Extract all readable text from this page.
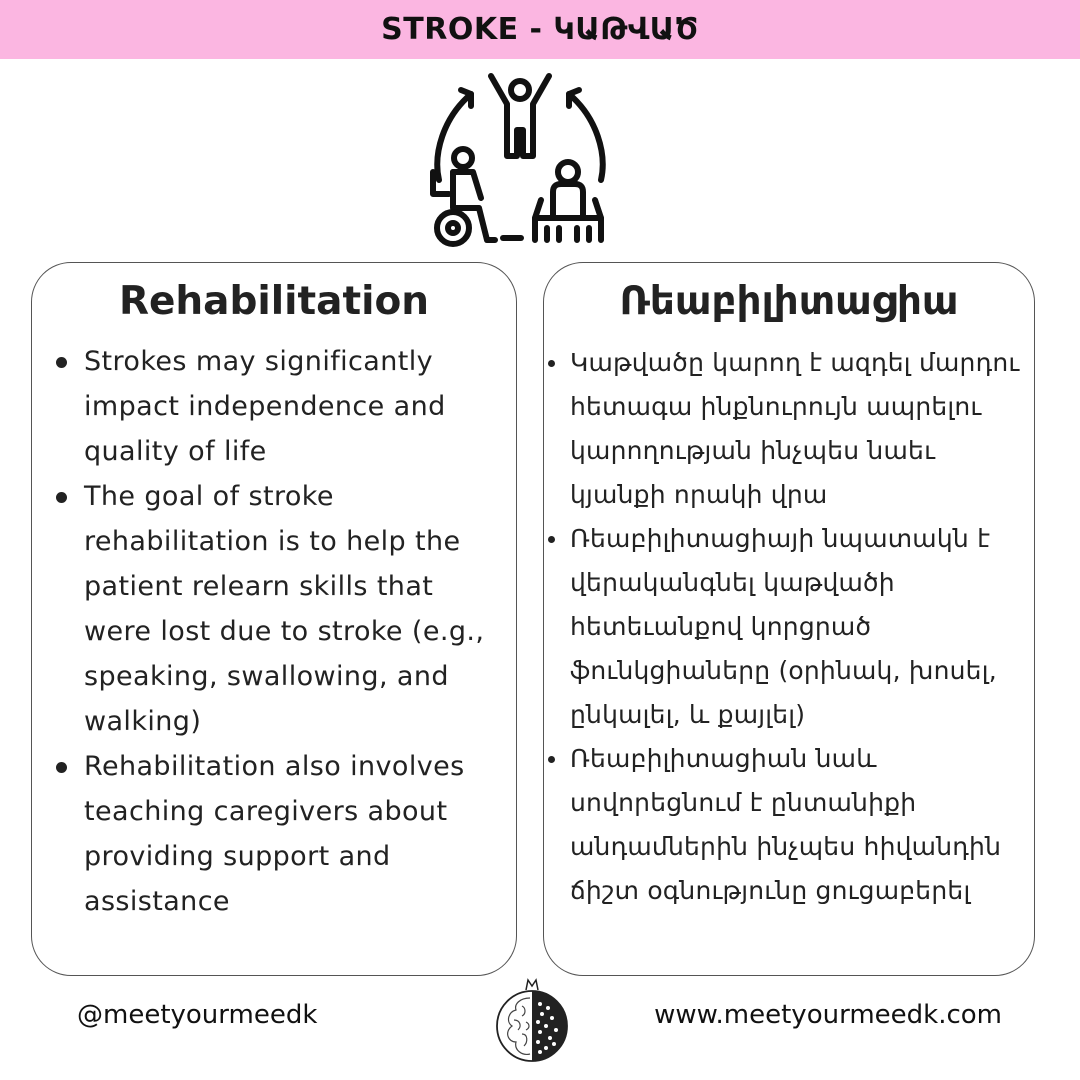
STROKE - ԿԱԹՎԱԾ
Rehabilitation
Strokes may significantly impact independence and quality of life
The goal of stroke rehabilitation is to help the patient relearn skills that were lost due to stroke (e.g., speaking, swallowing, and walking)
Rehabilitation also involves teaching caregivers about providing support and assistance
Ռեաբիլիտացիա
Կաթվածը կարող է ազդել մարդու հետագա ինքնուրույն ապրելու կարողության ինչպես նաեւ կյանքի որակի վրա
Ռեաբիլիտացիայի նպատակն է վերականգնել կաթվածի հետեւանքով կորցրած ֆունկցիաները (օրինակ, խոսել, ընկալել, և քայլել)
Ռեաբիլիտացիան նաև սովորեցնում է ընտանիքի անդամներին ինչպես հիվանդին ճիշտ օգնությունը ցուցաբերել
@meetyourmeedk	www.meetyourmeedk.com
